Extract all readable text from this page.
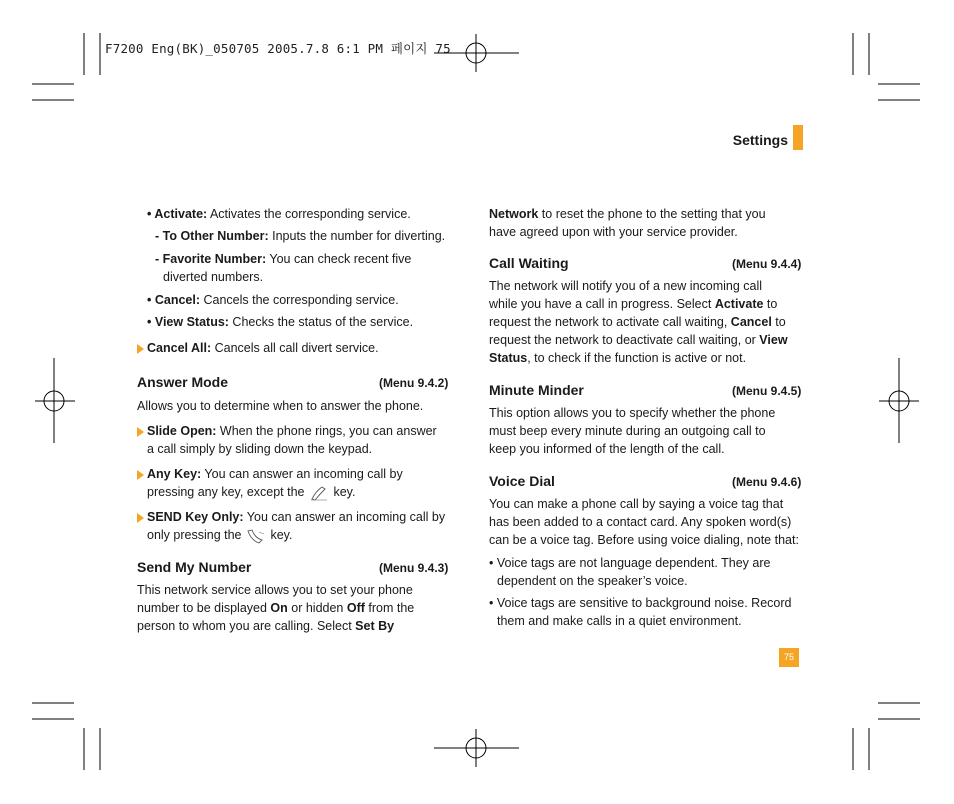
F7200 Eng(BK)_050705 2005.7.8 6:1 PM 페이지 75
Settings
• Activate: Activates the corresponding service.
- To Other Number: Inputs the number for diverting.
- Favorite Number: You can check recent five
diverted numbers.
• Cancel: Cancels the corresponding service.
• View Status: Checks the status of the service.
Cancel All: Cancels all call divert service.
Answer Mode	(Menu 9.4.2)
Allows you to determine when to answer the phone.

Slide Open: When the phone rings, you can answer

a call simply by sliding down the keypad.

Any Key: You can answer an incoming call by

pressing any key, except the key.

SEND Key Only: You can answer an incoming call by

only pressing the key.

Send My Number	(Menu 9.4.3)

This network service allows you to set your phone

number to be displayed On or hidden Off from the

person to whom you are calling. Select Set By

Network to reset the phone to the setting that you

have agreed upon with your service provider.

Call Waiting	(Menu 9.4.4)

The network will notify you of a new incoming call

while you have a call in progress. Select Activate to

request the network to activate call waiting, Cancel to

request the network to deactivate call waiting, or View

Status, to check if the function is active or not.

Minute Minder	(Menu 9.4.5)

This option allows you to specify whether the phone

must beep every minute during an outgoing call to

keep you informed of the length of the call.

Voice Dial	(Menu 9.4.6)

You can make a phone call by saying a voice tag that

has been added to a contact card. Any spoken word(s)

can be a voice tag. Before using voice dialing, note that:

• Voice tags are not language dependent. They are

dependent on the speaker’s voice.

• Voice tags are sensitive to background noise. Record

them and make calls in a quiet environment.

75
